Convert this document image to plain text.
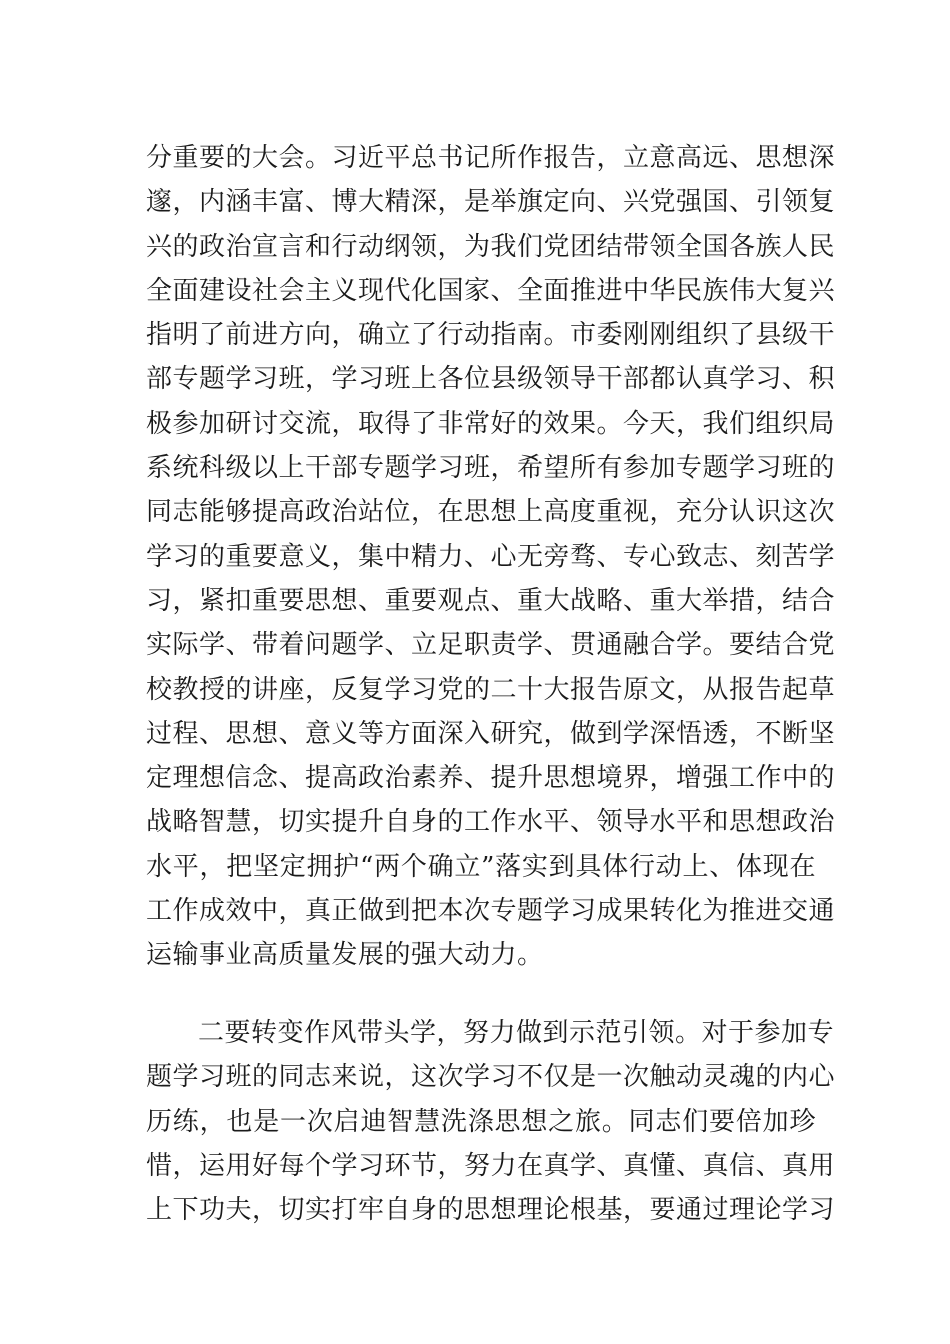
分重要的大会。习近平总书记所作报告，立意高远、思想深
邃，内涵丰富、博大精深，是举旗定向、兴党强国、引领复
兴的政治宣言和行动纲领，为我们党团结带领全国各族人民
全面建设社会主义现代化国家、全面推进中华民族伟大复兴
指明了前进方向，确立了行动指南。市委刚刚组织了县级干
部专题学习班，学习班上各位县级领导干部都认真学习、积
极参加研讨交流，取得了非常好的效果。今天，我们组织局
系统科级以上干部专题学习班，希望所有参加专题学习班的
同志能够提高政治站位，在思想上高度重视，充分认识这次
学习的重要意义，集中精力、心无旁骛、专心致志、刻苦学
习，紧扣重要思想、重要观点、重大战略、重大举措，结合
实际学、带着问题学、立足职责学、贯通融合学。要结合党
校教授的讲座，反复学习党的二十大报告原文，从报告起草
过程、思想、意义等方面深入研究，做到学深悟透，不断坚
定理想信念、提高政治素养、提升思想境界，增强工作中的
战略智慧，切实提升自身的工作水平、领导水平和思想政治
水平，把坚定拥护“两个确立”落实到具体行动上、体现在
工作成效中，真正做到把本次专题学习成果转化为推进交通
运输事业高质量发展的强大动力。
二要转变作风带头学，努力做到示范引领。对于参加专
题学习班的同志来说，这次学习不仅是一次触动灵魂的内心
历练，也是一次启迪智慧洗涤思想之旅。同志们要倍加珍
惜，运用好每个学习环节，努力在真学、真懂、真信、真用
上下功夫，切实打牢自身的思想理论根基，要通过理论学习
